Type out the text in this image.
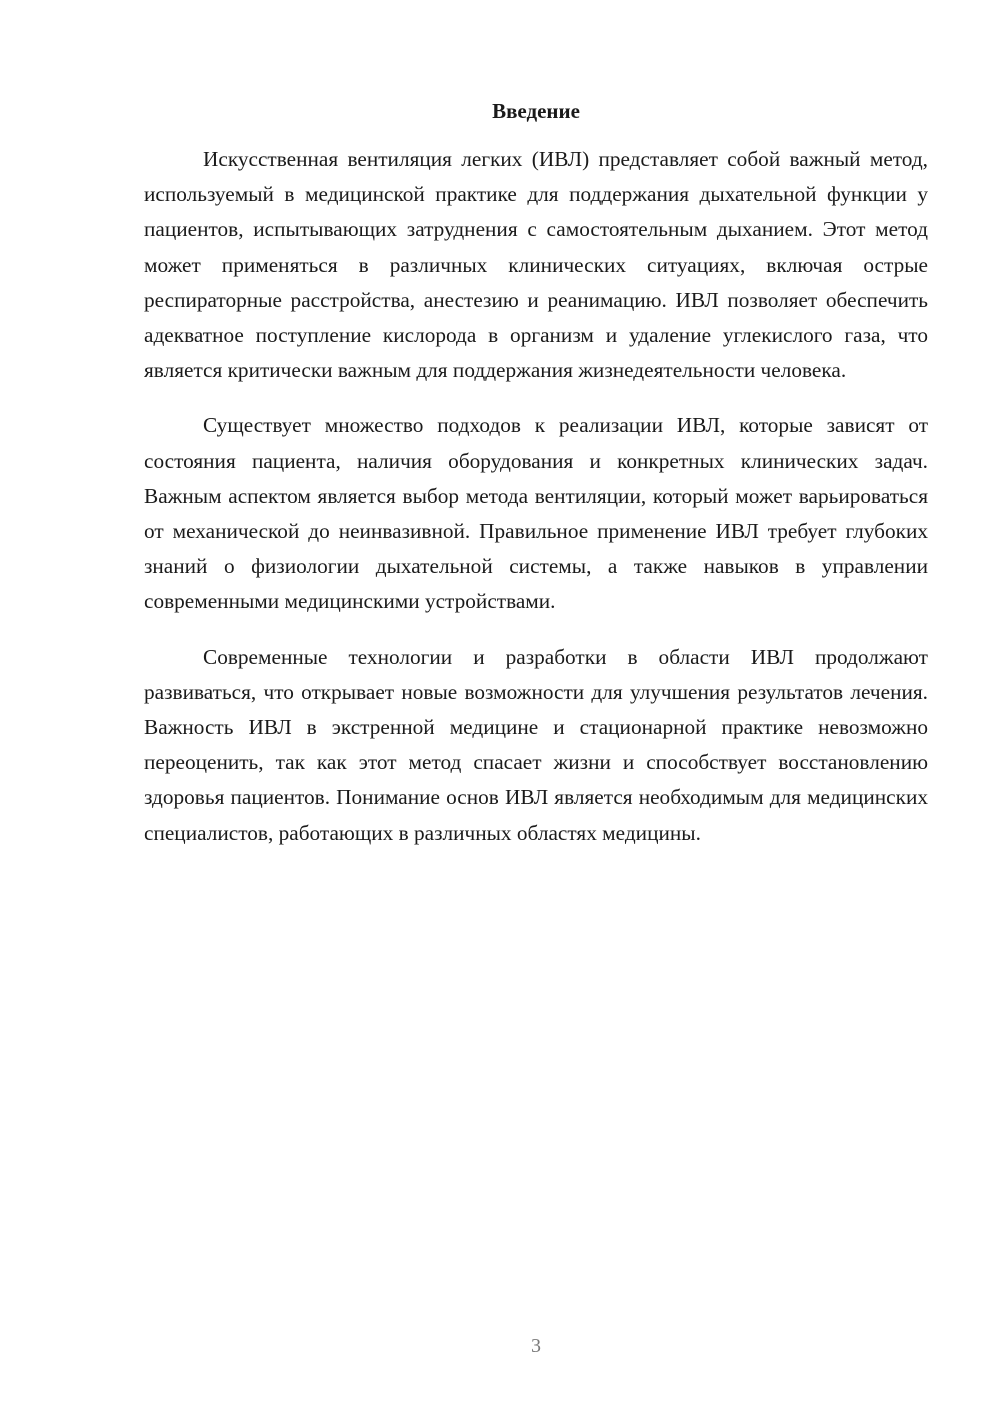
Введение

Искусственная вентиляция легких (ИВЛ) представляет собой важный метод, используемый в медицинской практике для поддержания дыхательной функции у пациентов, испытывающих затруднения с самостоятельным дыханием. Этот метод может применяться в различных клинических ситуациях, включая острые респираторные расстройства, анестезию и реанимацию. ИВЛ позволяет обеспечить адекватное поступление кислорода в организм и удаление углекислого газа, что является критически важным для поддержания жизнедеятельности человека.

Существует множество подходов к реализации ИВЛ, которые зависят от состояния пациента, наличия оборудования и конкретных клинических задач. Важным аспектом является выбор метода вентиляции, который может варьироваться от механической до неинвазивной. Правильное применение ИВЛ требует глубоких знаний о физиологии дыхательной системы, а также навыков в управлении современными медицинскими устройствами.

Современные технологии и разработки в области ИВЛ продолжают развиваться, что открывает новые возможности для улучшения результатов лечения. Важность ИВЛ в экстренной медицине и стационарной практике невозможно переоценить, так как этот метод спасает жизни и способствует восстановлению здоровья пациентов. Понимание основ ИВЛ является необходимым для медицинских специалистов, работающих в различных областях медицины.

3
